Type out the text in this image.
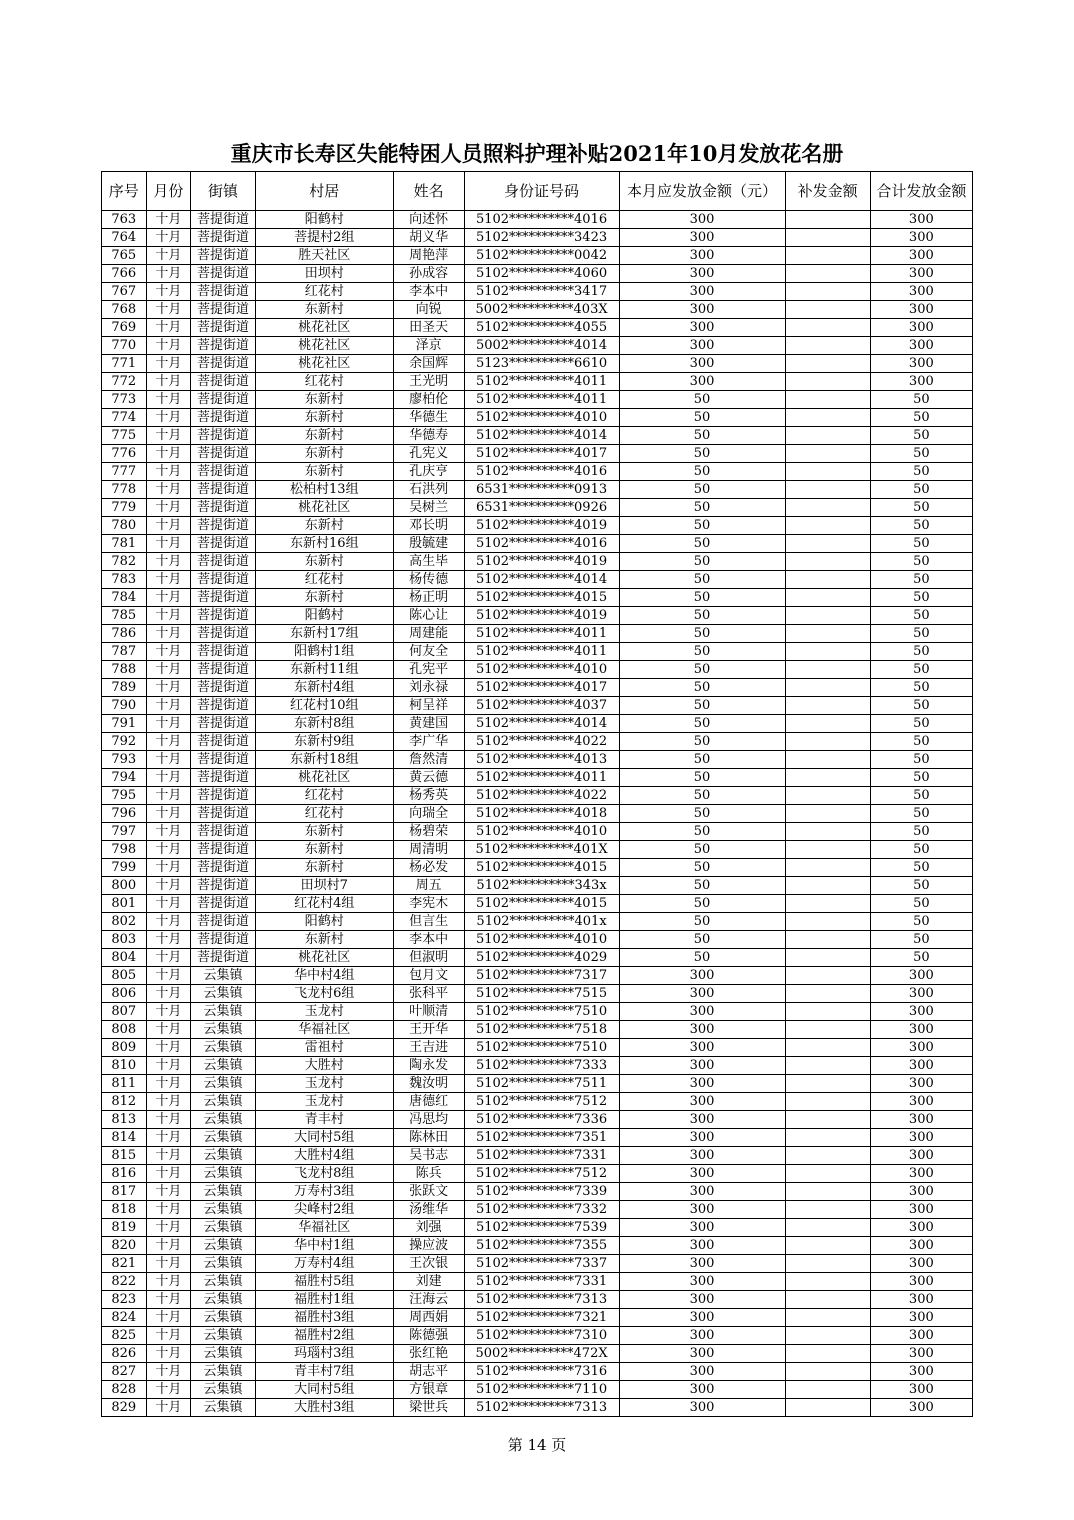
重庆市长寿区失能特困人员照料护理补贴2021年10月发放花名册
序号	月份	街镇	村居	姓名	身份证号码	本月应发放金额（元）	补发金额	合计发放金额
763	十月	菩提街道	阳鹤村	向述怀	5102**********4016	300		300
764	十月	菩提街道	菩提村2组	胡义华	5102**********3423	300		300
765	十月	菩提街道	胜天社区	周艳萍	5102**********0042	300		300
766	十月	菩提街道	田坝村	孙成容	5102**********4060	300		300
767	十月	菩提街道	红花村	李本中	5102**********3417	300		300
768	十月	菩提街道	东新村	向锐	5002**********403X	300		300
769	十月	菩提街道	桃花社区	田圣天	5102**********4055	300		300
770	十月	菩提街道	桃花社区	泽京	5002**********4014	300		300
771	十月	菩提街道	桃花社区	余国辉	5123**********6610	300		300
772	十月	菩提街道	红花村	王光明	5102**********4011	300		300
773	十月	菩提街道	东新村	廖柏伦	5102**********4011	50		50
774	十月	菩提街道	东新村	华德生	5102**********4010	50		50
775	十月	菩提街道	东新村	华德寿	5102**********4014	50		50
776	十月	菩提街道	东新村	孔宪义	5102**********4017	50		50
777	十月	菩提街道	东新村	孔庆亨	5102**********4016	50		50
778	十月	菩提街道	松柏村13组	石洪列	6531**********0913	50		50
779	十月	菩提街道	桃花社区	吴树兰	6531**********0926	50		50
780	十月	菩提街道	东新村	邓长明	5102**********4019	50		50
781	十月	菩提街道	东新村16组	殷毓建	5102**********4016	50		50
782	十月	菩提街道	东新村	高生毕	5102**********4019	50		50
783	十月	菩提街道	红花村	杨传德	5102**********4014	50		50
784	十月	菩提街道	东新村	杨正明	5102**********4015	50		50
785	十月	菩提街道	阳鹤村	陈心让	5102**********4019	50		50
786	十月	菩提街道	东新村17组	周建能	5102**********4011	50		50
787	十月	菩提街道	阳鹤村1组	何友全	5102**********4011	50		50
788	十月	菩提街道	东新村11组	孔宪平	5102**********4010	50		50
789	十月	菩提街道	东新村4组	刘永禄	5102**********4017	50		50
790	十月	菩提街道	红花村10组	柯呈祥	5102**********4037	50		50
791	十月	菩提街道	东新村8组	黄建国	5102**********4014	50		50
792	十月	菩提街道	东新村9组	李广华	5102**********4022	50		50
793	十月	菩提街道	东新村18组	詹然清	5102**********4013	50		50
794	十月	菩提街道	桃花社区	黄云德	5102**********4011	50		50
795	十月	菩提街道	红花村	杨秀英	5102**********4022	50		50
796	十月	菩提街道	红花村	向瑞全	5102**********4018	50		50
797	十月	菩提街道	东新村	杨碧荣	5102**********4010	50		50
798	十月	菩提街道	东新村	周清明	5102**********401X	50		50
799	十月	菩提街道	东新村	杨必发	5102**********4015	50		50
800	十月	菩提街道	田坝村7	周五	5102**********343x	50		50
801	十月	菩提街道	红花村4组	李宪木	5102**********4015	50		50
802	十月	菩提街道	阳鹤村	但言生	5102**********401x	50		50
803	十月	菩提街道	东新村	李本中	5102**********4010	50		50
804	十月	菩提街道	桃花社区	但淑明	5102**********4029	50		50
805	十月	云集镇	华中村4组	包月文	5102**********7317	300		300
806	十月	云集镇	飞龙村6组	张科平	5102**********7515	300		300
807	十月	云集镇	玉龙村	叶顺清	5102**********7510	300		300
808	十月	云集镇	华福社区	王开华	5102**********7518	300		300
809	十月	云集镇	雷祖村	王吉进	5102**********7510	300		300
810	十月	云集镇	大胜村	陶永发	5102**********7333	300		300
811	十月	云集镇	玉龙村	魏汝明	5102**********7511	300		300
812	十月	云集镇	玉龙村	唐德红	5102**********7512	300		300
813	十月	云集镇	青丰村	冯思均	5102**********7336	300		300
814	十月	云集镇	大同村5组	陈林田	5102**********7351	300		300
815	十月	云集镇	大胜村4组	吴书志	5102**********7331	300		300
816	十月	云集镇	飞龙村8组	陈兵	5102**********7512	300		300
817	十月	云集镇	万寿村3组	张跃文	5102**********7339	300		300
818	十月	云集镇	尖峰村2组	汤维华	5102**********7332	300		300
819	十月	云集镇	华福社区	刘强	5102**********7539	300		300
820	十月	云集镇	华中村1组	操应波	5102**********7355	300		300
821	十月	云集镇	万寿村4组	王次银	5102**********7337	300		300
822	十月	云集镇	福胜村5组	刘建	5102**********7331	300		300
823	十月	云集镇	福胜村1组	汪海云	5102**********7313	300		300
824	十月	云集镇	福胜村3组	周西娟	5102**********7321	300		300
825	十月	云集镇	福胜村2组	陈德强	5102**********7310	300		300
826	十月	云集镇	玛瑙村3组	张红艳	5002**********472X	300		300
827	十月	云集镇	青丰村7组	胡志平	5102**********7316	300		300
828	十月	云集镇	大同村5组	方银章	5102**********7110	300		300
829	十月	云集镇	大胜村3组	梁世兵	5102**********7313	300		300
第 14 页
